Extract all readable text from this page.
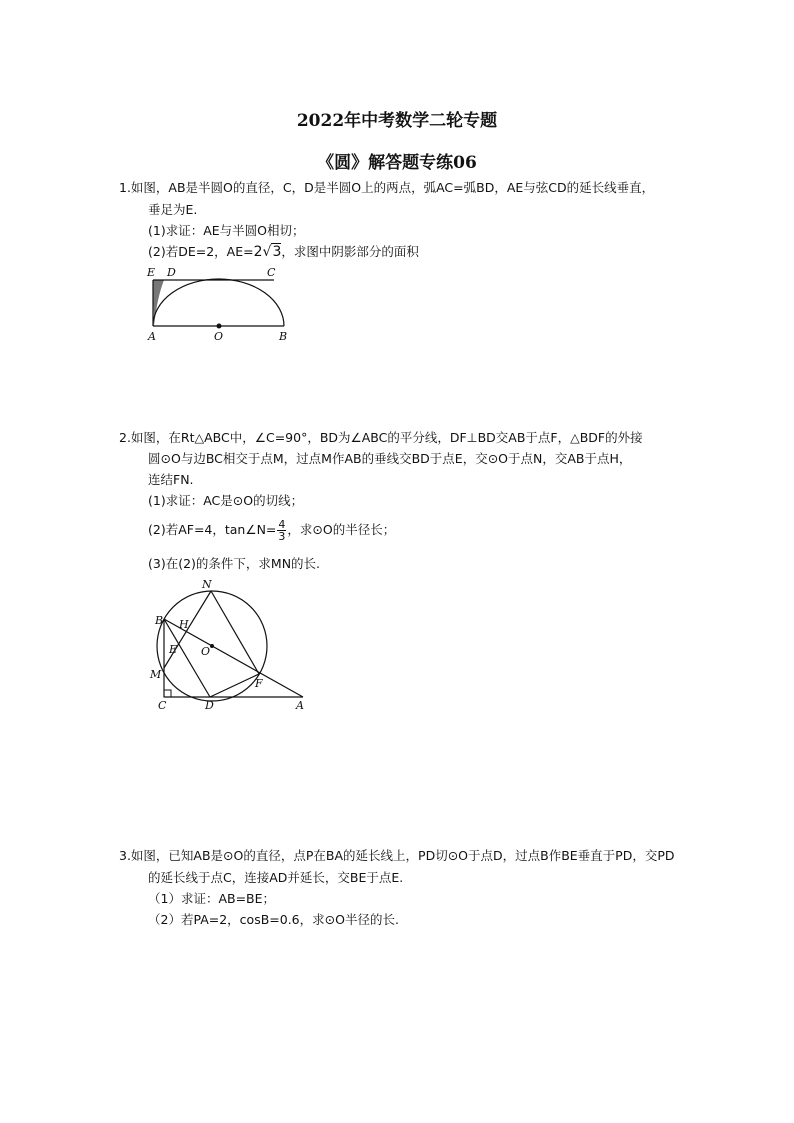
2022年中考数学二轮专题
《圆》解答题专练06
1.如图，AB是半圆O的直径，C，D是半圆O上的两点，弧AC=弧BD，AE与弦CD的延长线垂直，
垂足为E.
(1)求证：AE与半圆O相切；
(2)若DE=2，AE=2√3，求图中阴影部分的面积
E D	C
A	O	B
2.如图，在Rt△ABC中，∠C=90°，BD为∠ABC的平分线，DF⊥BD交AB于点F，△BDF的外接
圆⊙O与边BC相交于点M，过点M作AB的垂线交BD于点E，交⊙O于点N，交AB于点H，
连结FN.
(1)求证：AC是⊙O的切线；
(2)若AF=4，tan∠N= $\frac{4}{3}$ ，求⊙O的半径长；
(3)在(2)的条件下，求MN的长.
N
B H
E O
M
F
C	D	A
3.如图，已知AB是⊙O的直径，点P在BA的延长线上，PD切⊙O于点D，过点B作BE垂直于PD，交PD
的延长线于点C，连接AD并延长，交BE于点E.
（1）求证：AB=BE；
（2）若PA=2，cosB=0.6，求⊙O半径的长.
